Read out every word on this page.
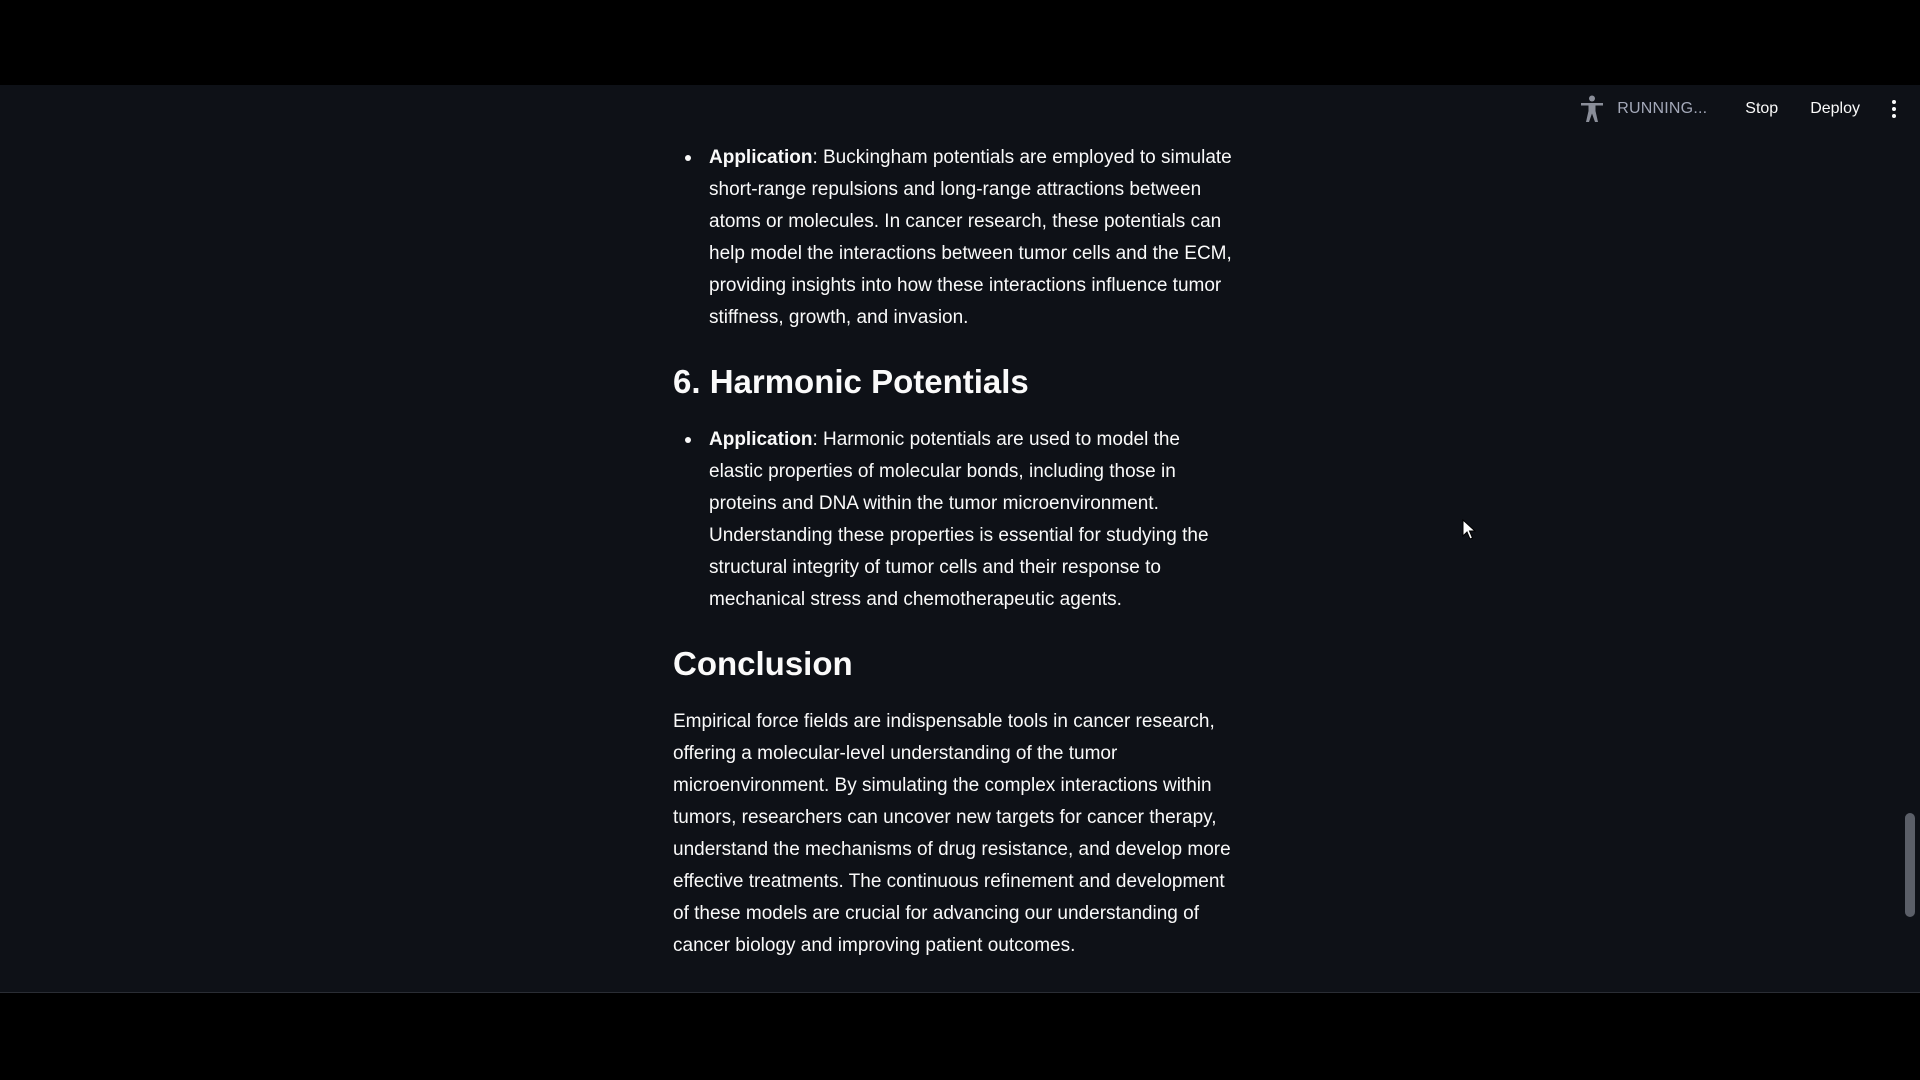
RUNNING...	Stop	Deploy
Application: Buckingham potentials are employed to simulate short-range repulsions and long-range attractions between atoms or molecules. In cancer research, these potentials can help model the interactions between tumor cells and the ECM, providing insights into how these interactions influence tumor stiffness, growth, and invasion.
6. Harmonic Potentials
Application: Harmonic potentials are used to model the elastic properties of molecular bonds, including those in proteins and DNA within the tumor microenvironment. Understanding these properties is essential for studying the structural integrity of tumor cells and their response to mechanical stress and chemotherapeutic agents.
Conclusion

Empirical force fields are indispensable tools in cancer research, offering a molecular-level understanding of the tumor microenvironment. By simulating the complex interactions within tumors, researchers can uncover new targets for cancer therapy, understand the mechanisms of drug resistance, and develop more effective treatments. The continuous refinement and development of these models are crucial for advancing our understanding of cancer biology and improving patient outcomes.
